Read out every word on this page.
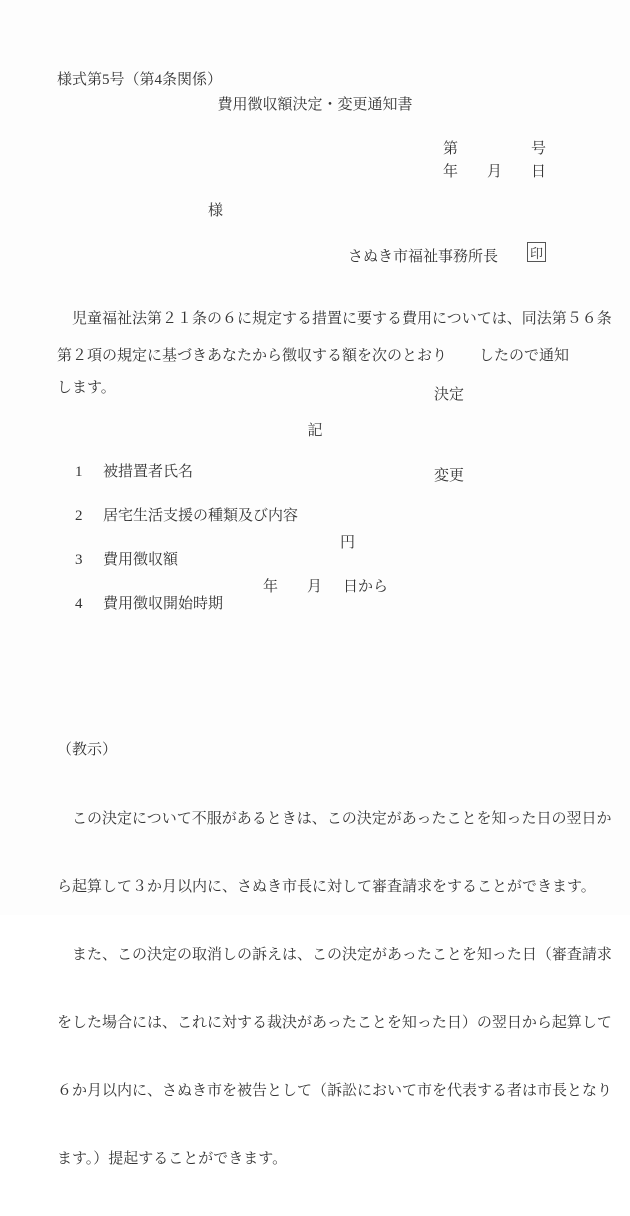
様式第5号（第4条関係）
費用徴収額決定・変更通知書
第	号
年 月 日
様
さぬき市福祉事務所長 印
　児童福祉法第２１条の６に規定する措置に要する費用については、同法第５６条
第２項の規定に基づきあなたから徴収する額を次のとおり

決定

変更

したので通知
します。
記

1 被措置者氏名

2 居宅生活支援の種類及び内容

3 費用徴収額

円

4 費用徴収開始時期

年

月

日から

（教示）

　この決定について不服があるときは、この決定があったことを知った日の翌日か

ら起算して３か月以内に、さぬき市長に対して審査請求をすることができます。

　また、この決定の取消しの訴えは、この決定があったことを知った日（審査請求

をした場合には、これに対する裁決があったことを知った日）の翌日から起算して

６か月以内に、さぬき市を被告として（訴訟において市を代表する者は市長となり

ます。）提起することができます。
